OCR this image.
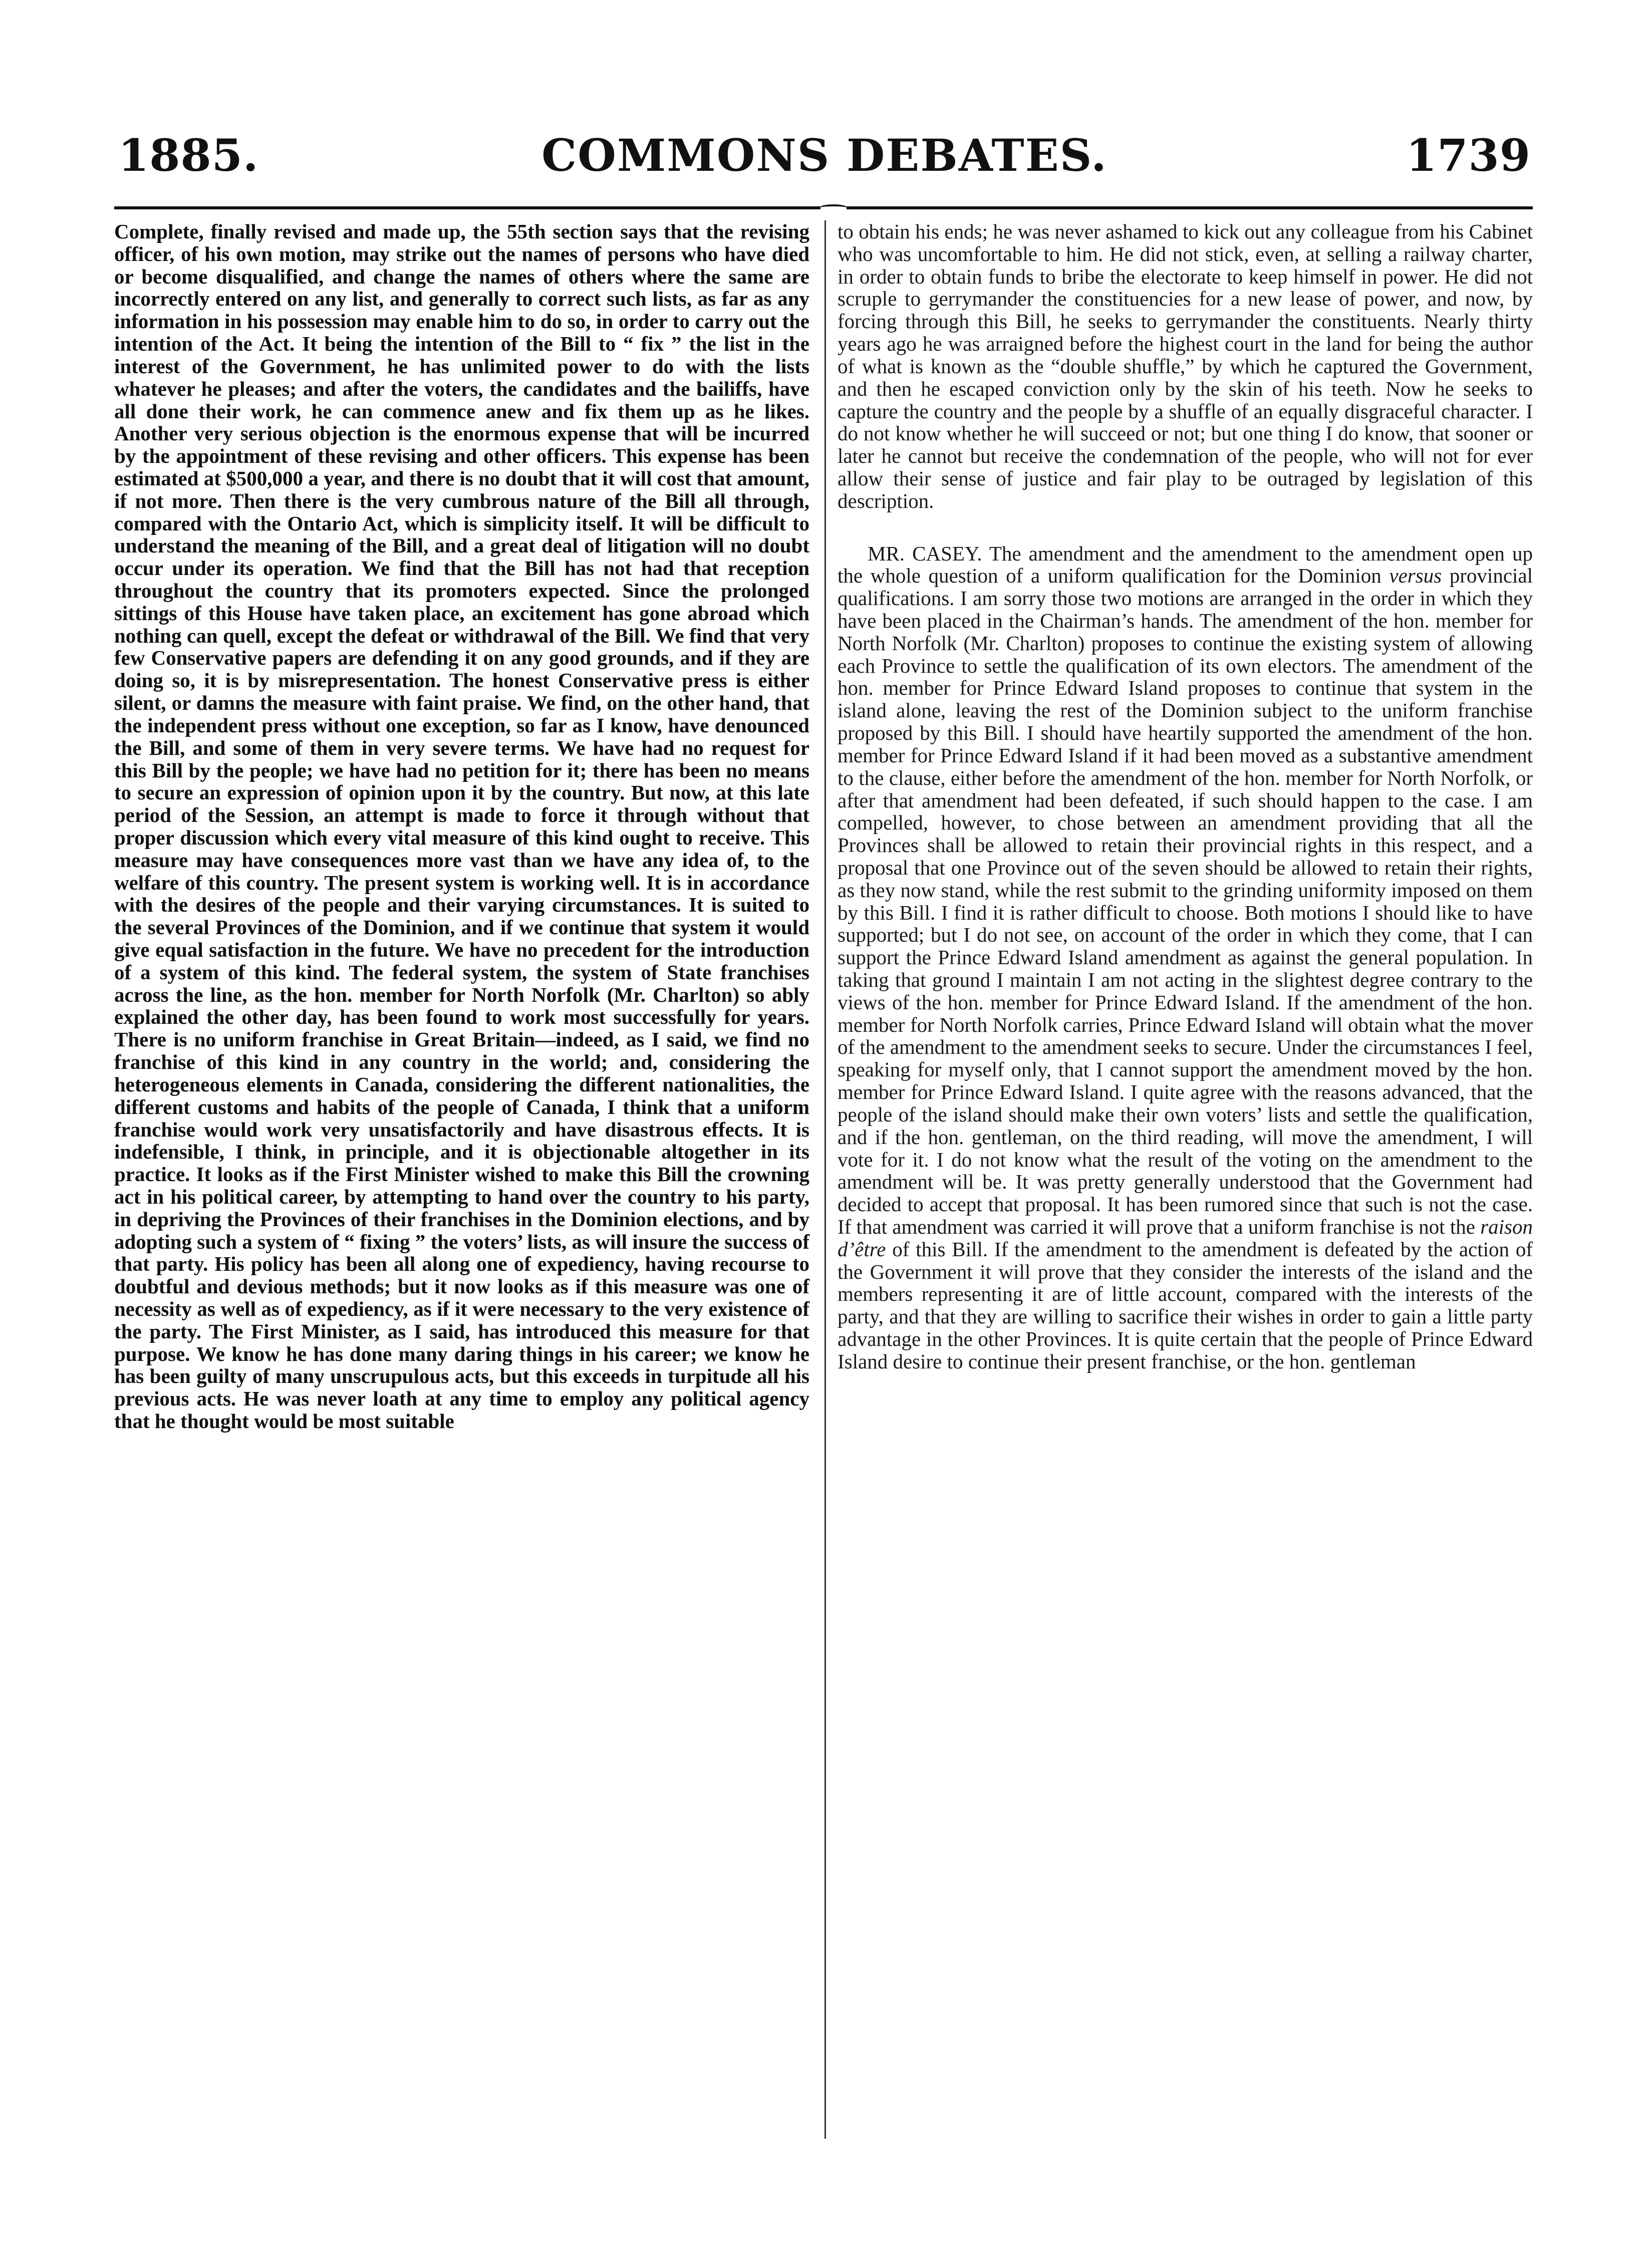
1885.	COMMONS DEBATES.	1739

Complete, finally revised and made up, the 55th section says that the revising officer, of his own motion, may strike out the names of persons who have died or become disqualified, and change the names of others where the same are incorrectly entered on any list, and generally to correct such lists, as far as any information in his possession may enable him to do so, in order to carry out the intention of the Act. It being the intention of the Bill to “ fix ” the list in the interest of the Government, he has unlimited power to do with the lists whatever he pleases; and after the voters, the candidates and the bailiffs, have all done their work, he can commence anew and fix them up as he likes. Another very serious objection is the enormous expense that will be incurred by the appointment of these revising and other officers. This expense has been estimated at $500,000 a year, and there is no doubt that it will cost that amount, if not more. Then there is the very cumbrous nature of the Bill all through, compared with the Ontario Act, which is simplicity itself. It will be difficult to understand the meaning of the Bill, and a great deal of litigation will no doubt occur under its operation. We find that the Bill has not had that reception throughout the country that its promoters expected. Since the prolonged sittings of this House have taken place, an excitement has gone abroad which nothing can quell, except the defeat or withdrawal of the Bill. We find that very few Conservative papers are defending it on any good grounds, and if they are doing so, it is by misrepresentation. The honest Conservative press is either silent, or damns the measure with faint praise. We find, on the other hand, that the independent press without one exception, so far as I know, have denounced the Bill, and some of them in very severe terms. We have had no request for this Bill by the people; we have had no petition for it; there has been no means to secure an expression of opinion upon it by the country. But now, at this late period of the Session, an attempt is made to force it through without that proper discussion which every vital measure of this kind ought to receive. This measure may have consequences more vast than we have any idea of, to the welfare of this country. The present system is working well. It is in accordance with the desires of the people and their varying circumstances. It is suited to the several Provinces of the Dominion, and if we continue that system it would give equal satisfaction in the future. We have no precedent for the introduction of a system of this kind. The federal system, the system of State franchises across the line, as the hon. member for North Norfolk (Mr. Charlton) so ably explained the other day, has been found to work most successfully for years. There is no uniform franchise in Great Britain—indeed, as I said, we find no franchise of this kind in any country in the world; and, considering the heterogeneous elements in Canada, considering the different nationalities, the different customs and habits of the people of Canada, I think that a uniform franchise would work very unsatisfactorily and have disastrous effects. It is indefensible, I think, in principle, and it is objectionable altogether in its practice. It looks as if the First Minister wished to make this Bill the crowning act in his political career, by attempting to hand over the country to his party, in depriving the Provinces of their franchises in the Dominion elections, and by adopting such a system of “ fixing ” the voters’ lists, as will insure the success of that party. His policy has been all along one of expediency, having recourse to doubtful and devious methods; but it now looks as if this measure was one of necessity as well as of expediency, as if it were necessary to the very existence of the party. The First Minister, as I said, has introduced this measure for that purpose. We know he has done many daring things in his career; we know he has been guilty of many unscrupulous acts, but this exceeds in turpitude all his previous acts. He was never loath at any time to employ any political agency that he thought would be most suitable

to obtain his ends; he was never ashamed to kick out any colleague from his Cabinet who was uncomfortable to him. He did not stick, even, at selling a railway charter, in order to obtain funds to bribe the electorate to keep himself in power. He did not scruple to gerrymander the constituencies for a new lease of power, and now, by forcing through this Bill, he seeks to gerrymander the constituents. Nearly thirty years ago he was arraigned before the highest court in the land for being the author of what is known as the “double shuffle,” by which he captured the Government, and then he escaped conviction only by the skin of his teeth. Now he seeks to capture the country and the people by a shuffle of an equally disgraceful character. I do not know whether he will succeed or not; but one thing I do know, that sooner or later he cannot but receive the condemnation of the people, who will not for ever allow their sense of justice and fair play to be outraged by legislation of this description.

MR. CASEY. The amendment and the amendment to the amendment open up the whole question of a uniform qualification for the Dominion versus provincial qualifications. I am sorry those two motions are arranged in the order in which they have been placed in the Chairman’s hands. The amendment of the hon. member for North Norfolk (Mr. Charlton) proposes to continue the existing system of allowing each Province to settle the qualification of its own electors. The amendment of the hon. member for Prince Edward Island proposes to continue that system in the island alone, leaving the rest of the Dominion subject to the uniform franchise proposed by this Bill. I should have heartily supported the amendment of the hon. member for Prince Edward Island if it had been moved as a substantive amendment to the clause, either before the amendment of the hon. member for North Norfolk, or after that amendment had been defeated, if such should happen to the case. I am compelled, however, to chose between an amendment providing that all the Provinces shall be allowed to retain their provincial rights in this respect, and a proposal that one Province out of the seven should be allowed to retain their rights, as they now stand, while the rest submit to the grinding uniformity imposed on them by this Bill. I find it is rather difficult to choose. Both motions I should like to have supported; but I do not see, on account of the order in which they come, that I can support the Prince Edward Island amendment as against the general population. In taking that ground I maintain I am not acting in the slightest degree contrary to the views of the hon. member for Prince Edward Island. If the amendment of the hon. member for North Norfolk carries, Prince Edward Island will obtain what the mover of the amendment to the amendment seeks to secure. Under the circumstances I feel, speaking for myself only, that I cannot support the amendment moved by the hon. member for Prince Edward Island. I quite agree with the reasons advanced, that the people of the island should make their own voters’ lists and settle the qualification, and if the hon. gentleman, on the third reading, will move the amendment, I will vote for it. I do not know what the result of the voting on the amendment to the amendment will be. It was pretty generally understood that the Government had decided to accept that proposal. It has been rumored since that such is not the case. If that amendment was carried it will prove that a uniform franchise is not the raison d’être of this Bill. If the amendment to the amendment is defeated by the action of the Government it will prove that they consider the interests of the island and the members representing it are of little account, compared with the interests of the party, and that they are willing to sacrifice their wishes in order to gain a little party advantage in the other Provinces. It is quite certain that the people of Prince Edward Island desire to continue their present franchise, or the hon. gentleman
